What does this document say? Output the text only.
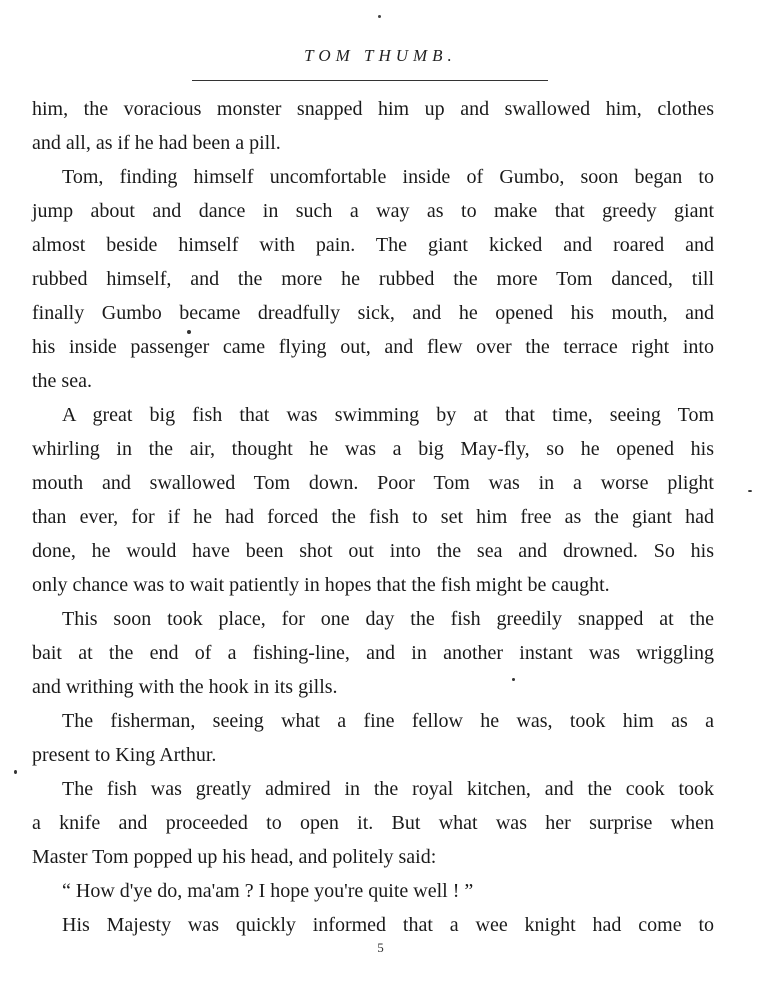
TOM THUMB.
him, the voracious monster snapped him up and swallowed him, clothes
and all, as if he had been a pill.
Tom, finding himself uncomfortable inside of Gumbo, soon began to
jump about and dance in such a way as to make that greedy giant
almost beside himself with pain. The giant kicked and roared and
rubbed himself, and the more he rubbed the more Tom danced, till
finally Gumbo became dreadfully sick, and he opened his mouth, and
his inside passenger came flying out, and flew over the terrace right into
the sea.
A great big fish that was swimming by at that time, seeing Tom
whirling in the air, thought he was a big May-fly, so he opened his
mouth and swallowed Tom down. Poor Tom was in a worse plight
than ever, for if he had forced the fish to set him free as the giant had
done, he would have been shot out into the sea and drowned. So his
only chance was to wait patiently in hopes that the fish might be caught.
This soon took place, for one day the fish greedily snapped at the
bait at the end of a fishing-line, and in another instant was wriggling
and writhing with the hook in its gills.
The fisherman, seeing what a fine fellow he was, took him as a
present to King Arthur.
The fish was greatly admired in the royal kitchen, and the cook took
a knife and proceeded to open it. But what was her surprise when
Master Tom popped up his head, and politely said:
“ How d'ye do, ma'am ? I hope you're quite well ! ”
His Majesty was quickly informed that a wee knight had come to
5
